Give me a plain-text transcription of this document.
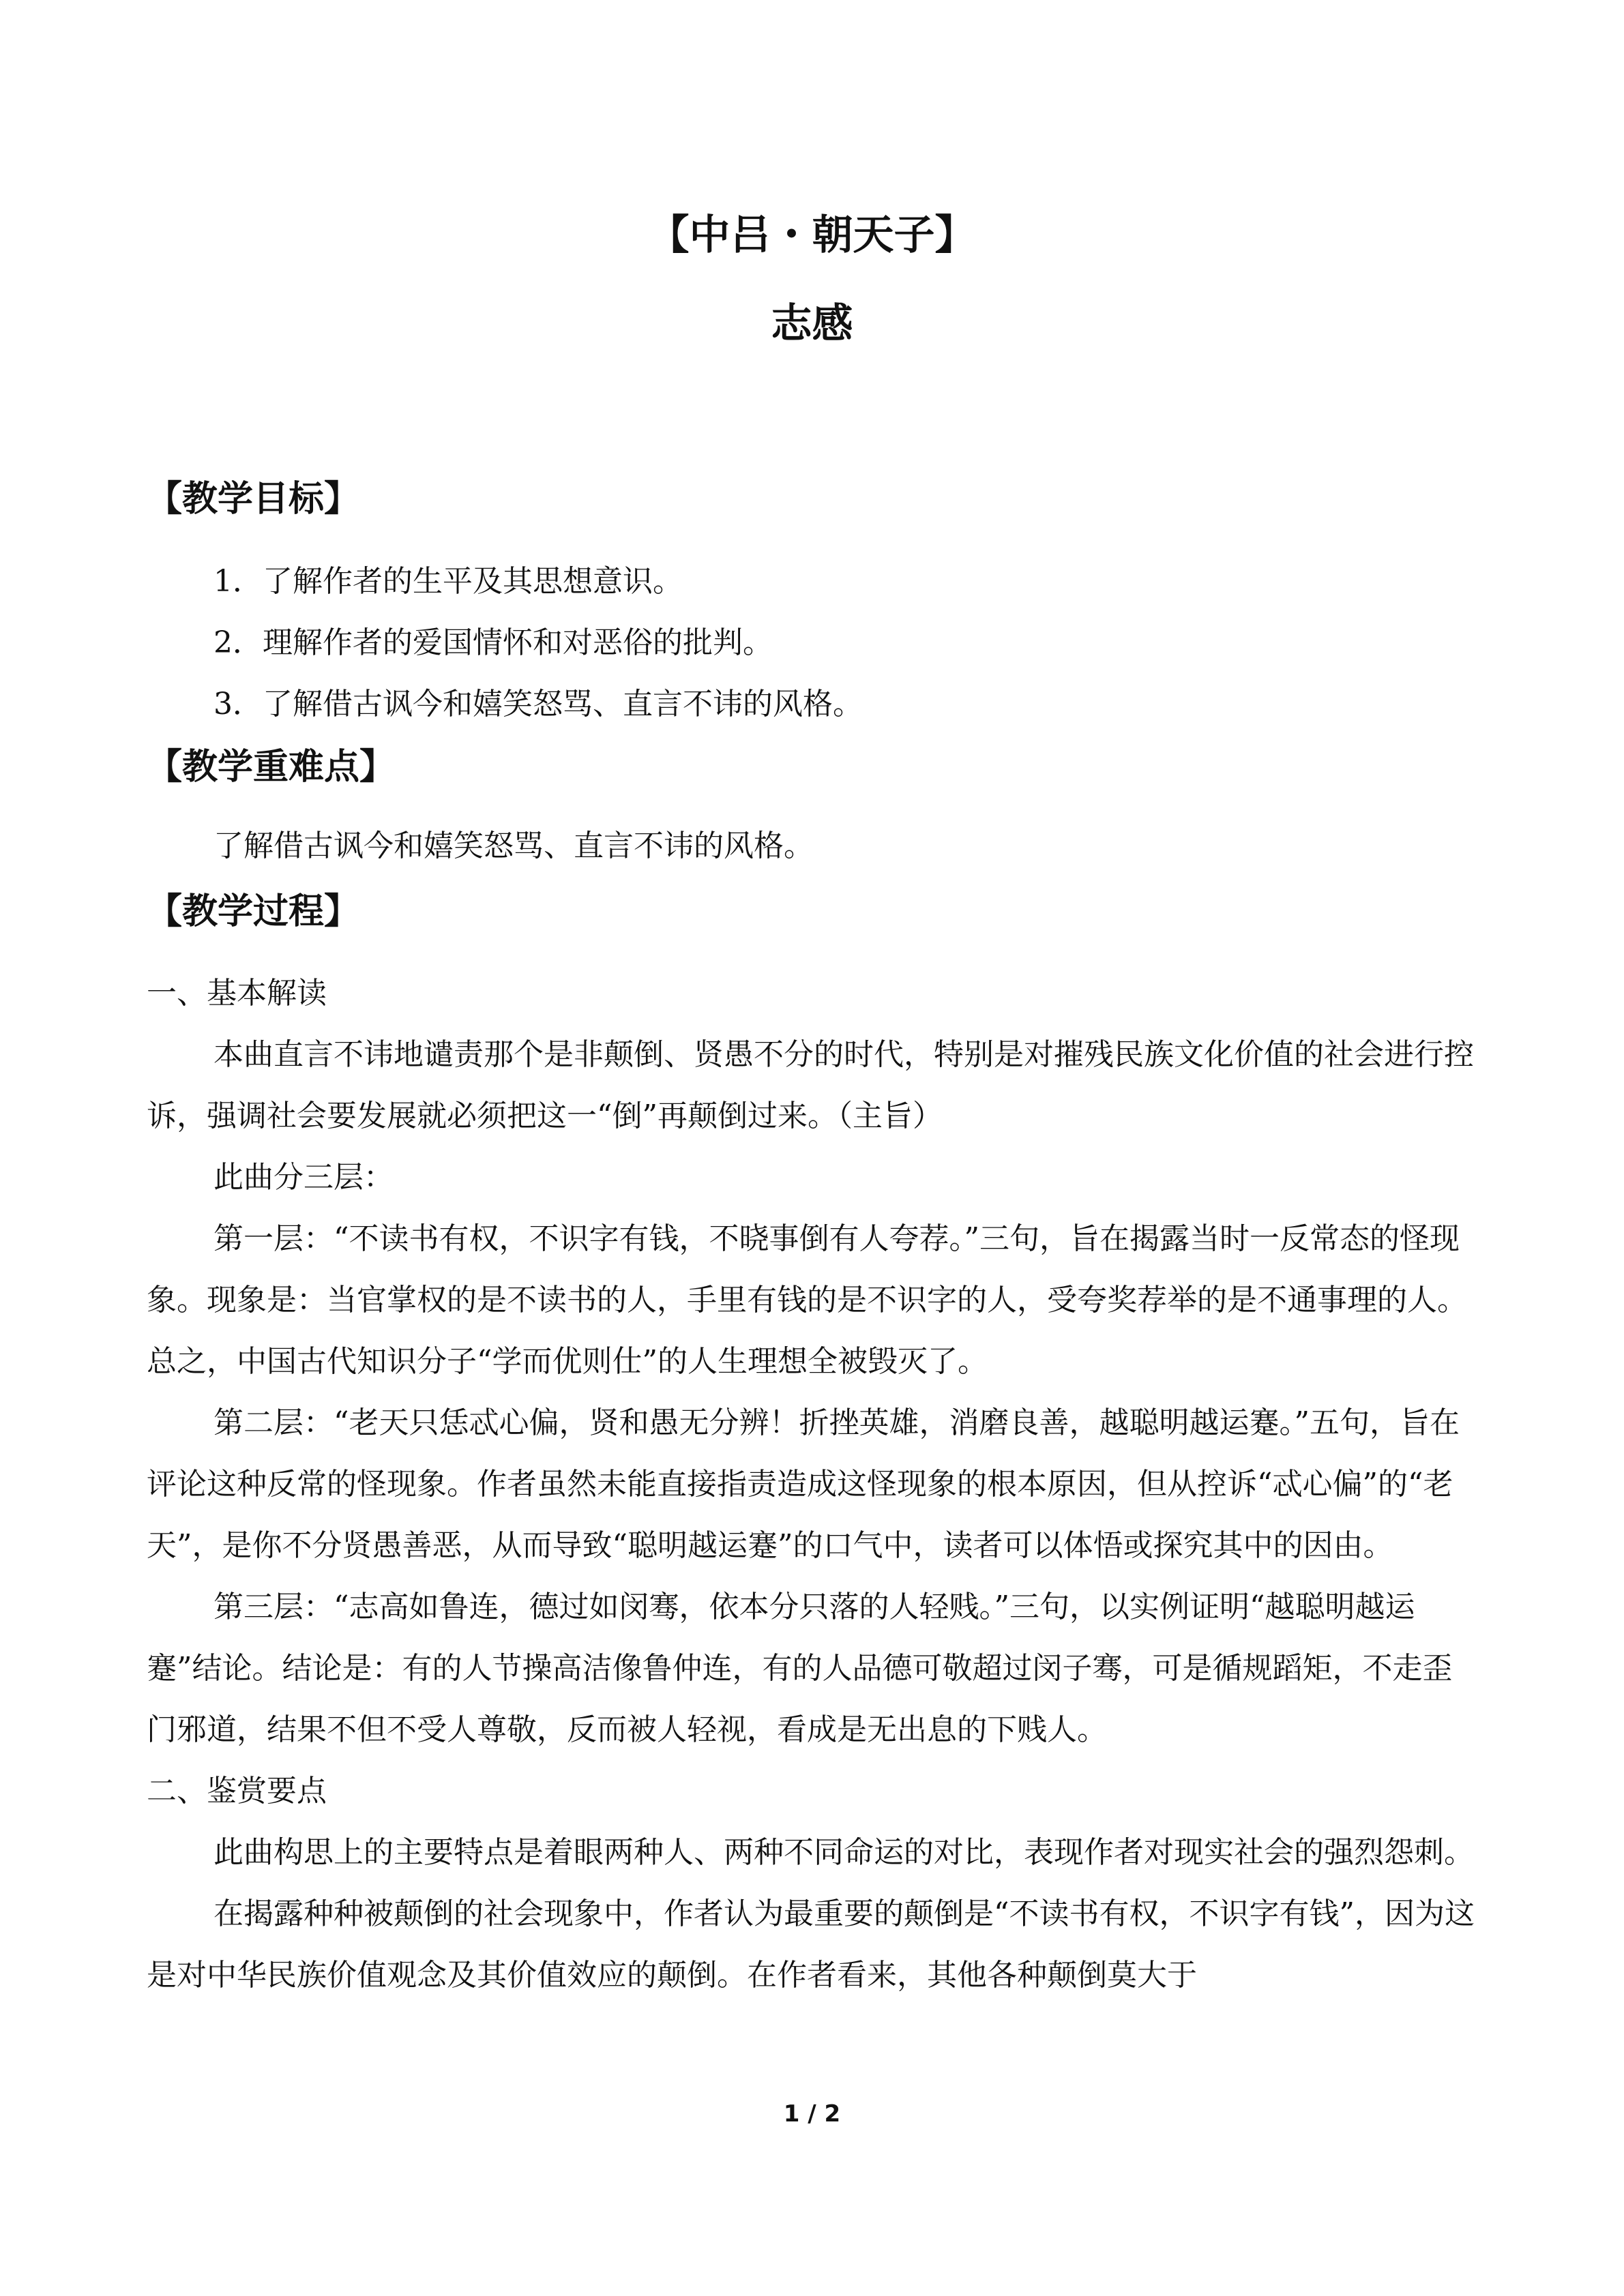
【中吕・朝天子】
志感
【教学目标】

1．了解作者的生平及其思想意识。

2．理解作者的爱国情怀和对恶俗的批判。

3．了解借古讽今和嬉笑怒骂、直言不讳的风格。

【教学重难点】

了解借古讽今和嬉笑怒骂、直言不讳的风格。

【教学过程】

一、基本解读

本曲直言不讳地谴责那个是非颠倒、贤愚不分的时代，特别是对摧残民族文化价值的社会进行控诉，强调社会要发展就必须把这一“倒”再颠倒过来。（主旨）

此曲分三层：

第一层：“不读书有权，不识字有钱，不晓事倒有人夸荐。”三句，旨在揭露当时一反常态的怪现象。现象是：当官掌权的是不读书的人，手里有钱的是不识字的人，受夸奖荐举的是不通事理的人。总之，中国古代知识分子“学而优则仕”的人生理想全被毁灭了。

第二层：“老天只恁忒心偏，贤和愚无分辨！折挫英雄，消磨良善，越聪明越运蹇。”五句，旨在评论这种反常的怪现象。作者虽然未能直接指责造成这怪现象的根本原因，但从控诉“忒心偏”的“老天”，是你不分贤愚善恶，从而导致“聪明越运蹇”的口气中，读者可以体悟或探究其中的因由。

第三层：“志高如鲁连，德过如闵骞，依本分只落的人轻贱。”三句，以实例证明“越聪明越运蹇”结论。结论是：有的人节操高洁像鲁仲连，有的人品德可敬超过闵子骞，可是循规蹈矩，不走歪门邪道，结果不但不受人尊敬，反而被人轻视，看成是无出息的下贱人。

二、鉴赏要点

此曲构思上的主要特点是着眼两种人、两种不同命运的对比，表现作者对现实社会的强烈怨刺。

在揭露种种被颠倒的社会现象中，作者认为最重要的颠倒是“不读书有权，不识字有钱”，因为这是对中华民族价值观念及其价值效应的颠倒。在作者看来，其他各种颠倒莫大于

1 / 2
